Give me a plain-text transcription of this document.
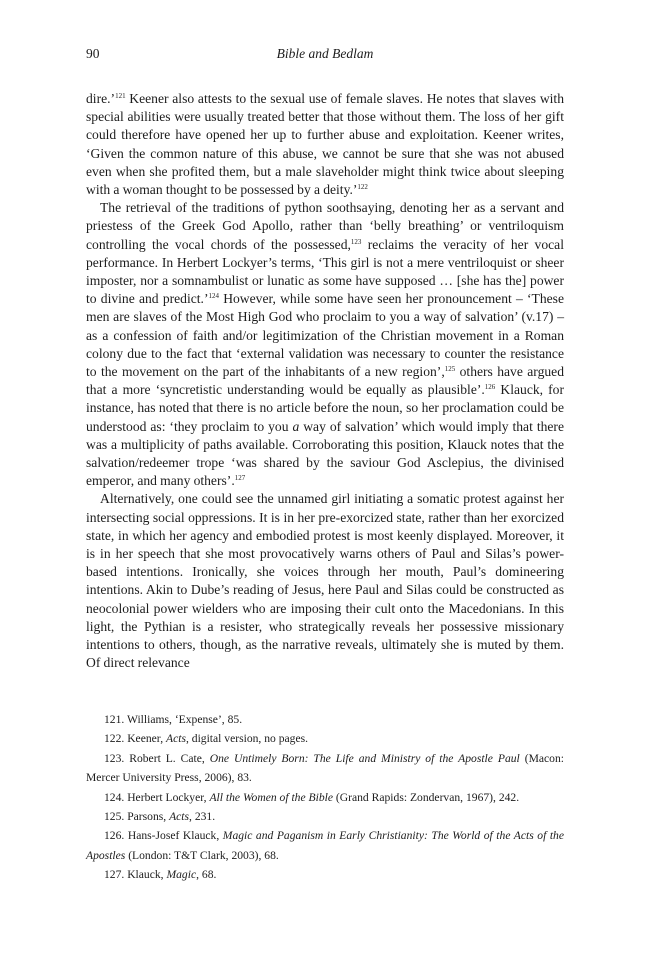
90	Bible and Bedlam

dire.’$^{121}$ Keener also attests to the sexual use of female slaves. He notes that slaves with special abilities were usually treated better that those without them. The loss of her gift could therefore have opened her up to further abuse and exploitation. Keener writes, ‘Given the common nature of this abuse, we cannot be sure that she was not abused even when she profited them, but a male slaveholder might think twice about sleeping with a woman thought to be possessed by a deity.’$^{122}$

The retrieval of the traditions of python soothsaying, denoting her as a servant and priestess of the Greek God Apollo, rather than ‘belly breathing’ or ventriloquism controlling the vocal chords of the possessed,$^{123}$ reclaims the veracity of her vocal performance. In Herbert Lockyer’s terms, ‘This girl is not a mere ventriloquist or sheer imposter, nor a somnambulist or lunatic as some have supposed … [she has the] power to divine and predict.’$^{124}$ However, while some have seen her pronouncement – ‘These men are slaves of the Most High God who proclaim to you a way of salvation’ (v.17) – as a confession of faith and/or legitimization of the Christian movement in a Roman colony due to the fact that ‘external validation was necessary to counter the resistance to the movement on the part of the inhabitants of a new region’,$^{125}$ others have argued that a more ‘syncretistic understanding would be equally as plausible’.$^{126}$ Klauck, for instance, has noted that there is no article before the noun, so her proclamation could be understood as: ‘they proclaim to you a way of salvation’ which would imply that there was a multiplicity of paths available. Corroborating this position, Klauck notes that the salvation/redeemer trope ‘was shared by the saviour God Asclepius, the divinised emperor, and many others’.$^{127}$

Alternatively, one could see the unnamed girl initiating a somatic protest against her intersecting social oppressions. It is in her pre-exorcized state, rather than her exorcized state, in which her agency and embodied protest is most keenly displayed. Moreover, it is in her speech that she most provocatively warns others of Paul and Silas’s power-based intentions. Ironically, she voices through her mouth, Paul’s domineering intentions. Akin to Dube’s reading of Jesus, here Paul and Silas could be constructed as neocolonial power wielders who are imposing their cult onto the Macedonians. In this light, the Pythian is a resister, who strategically reveals her possessive missionary intentions to others, though, as the narrative reveals, ultimately she is muted by them. Of direct relevance

121. Williams, ‘Expense’, 85.

122. Keener, Acts, digital version, no pages.

123. Robert L. Cate, One Untimely Born: The Life and Ministry of the Apostle Paul (Macon: Mercer University Press, 2006), 83.

124. Herbert Lockyer, All the Women of the Bible (Grand Rapids: Zondervan, 1967), 242.

125. Parsons, Acts, 231.

126. Hans-Josef Klauck, Magic and Paganism in Early Christianity: The World of the Acts of the Apostles (London: T&T Clark, 2003), 68.

127. Klauck, Magic, 68.
